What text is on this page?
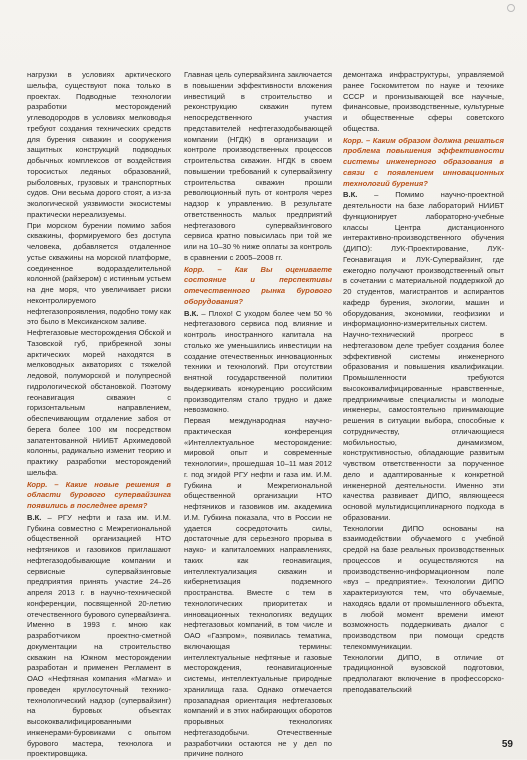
нагрузки в условиях арктического шельфа, существуют пока только в проектах. Подводные технологии разработки месторождений углеводородов в условиях мелководья требуют создания технических средств для бурения скважин и сооружения защитных конструкций подводных добычных комплексов от воздействия торосистых ледяных образований, рыболовных, грузовых и транспортных судов. Они весьма дорого стоят, а из-за экологической уязвимости экосистемы практически нереализуемы.

При морском бурении помимо забоя скважины, формируемого без доступа человека, добавляется отдаленное устье скважины на морской платформе, соединенное водоразделительной колонной (райзером) с истинным устьем на дне моря, что увеличивает риски неконтролируемого нефтегазопроявления, подобно тому как это было в Мексиканском заливе.

Нефтегазовые месторождения Обской и Тазовской губ, прибрежной зоны арктических морей находятся в мелководных акваториях с тяжелой ледовой, полуморской и полупресной гидрологической обстановкой. Поэтому геонавигация скважин с горизонтальным направлением, обеспечивающим отдаление забоя от берега более 100 км посредством запатентованной НИИБТ Архимедовой колонны, радикально изменит теорию и практику разработки месторождений шельфа.

Корр. – Какие новые решения в области бурового супервайзинга появились в последнее время?

В.К. – РГУ нефти и газа им. И.М. Губкина совместно с Межрегиональной общественной организацией НТО нефтяников и газовиков приглашают нефтегазодобывающие компании и сервисные супервайзинговые предприятия принять участие 24–26 апреля 2013 г. в научно-технической конференции, посвященной 20-летию отечественного бурового супервайзинга. Именно в 1993 г. мною как разработчиком проектно-сметной документации на строительство скважин на Южном месторождении разработан и применен Регламент в ОАО «Нефтяная компания «Магма» и проведен круглосуточный технико-технологический надзор (супервайзинг) на буровых объектах высококвалифицированными инженерами-буровиками с опытом бурового мастера, технолога и проектировщика.

Главная цель супервайзинга заключается в повышении эффективности вложения инвестиций в строительство и реконструкцию скважин путем непосредственного участия представителей нефтегазодобывающей компании (НГДК) в организации и контроле производственных процессов строительства скважин. НГДК в своем повышении требований к супервайзингу строительства скважин прошли революционный путь от контроля через надзор к управлению. В результате ответственность малых предприятий нефтегазового супервайзингового сервиса кратно повысилась при той же или на 10–30 % ниже оплаты за контроль в сравнении с 2005–2008 гг.

Корр. – Как Вы оцениваете состояние и перспективы отечественного рынка бурового оборудования?

В.К. – Плохо! С уходом более чем 50 % нефтегазового сервиса под влияние и контроль иностранного капитала на столько же уменьшились инвестиции на создание отечественных инновационных техники и технологий. При отсутствии внятной государственной политики выдерживать конкуренцию российским производителям стало трудно и даже невозможно.

Первая международная научно-практическая конференция «Интеллектуальное месторождение: мировой опыт и современные технологии», прошедшая 10–11 мая 2012 г. под эгидой РГУ нефти и газа им. И.М. Губкина и Межрегиональной общественной организации НТО нефтяников и газовиков им. академика И.М. Губкина показала, что в России не удается сосредоточить силы, достаточные для серьезного прорыва в науко- и капиталоемких направлениях, таких как геонавигация, интеллектуализация скважин и кибернетизация подземного пространства. Вместе с тем в технологических приоритетах и инновационных технологиях ведущих нефтегазовых компаний, в том числе и ОАО «Газпром», появилась тематика, включающая термины: интеллектуальные нефтяные и газовые месторождения, геонавигационные системы, интеллектуальные природные хранилища газа. Однако отмечается прозападная ориентация нефтегазовых компаний и в этих набирающих оборотов прорывных технологиях нефтегазодобычи. Отечественные разработчики остаются не у дел по причине полного

демонтажа инфраструктуры, управляемой ранее Госкомитетом по науке и технике СССР и пронизывающей все научные, финансовые, производственные, культурные и общественные сферы советского общества.

Корр. – Каким образом должна решаться проблема повышения эффективности системы инженерного образования в связи с появлением инновационных технологий бурения?

В.К. – Помимо научно-проектной деятельности на базе лабораторий НИИБТ функционирует лабораторно-учебные классы Центра дистанционного интерактивно-производственного обучения (ДИПО): ЛУК-Проектирование, ЛУК-Геонавигация и ЛУК-Супервайзинг, где ежегодно получают производственный опыт в сочетании с материальной поддержкой до 20 студентов, магистрантов и аспирантов кафедр бурения, экологии, машин и оборудования, экономики, геофизики и информационно-измерительных систем.

Научно-технический прогресс в нефтегазовом деле требует создания более эффективной системы инженерного образования и повышения квалификации. Промышленности требуются высококвалифицированные нравственные, предприимчивые специалисты и молодые инженеры, самостоятельно принимающие решения в ситуации выбора, способные к сотрудничеству, отличающиеся мобильностью, динамизмом, конструктивностью, обладающие развитым чувством ответственности за порученное дело и адаптированные к конкретной инженерной деятельности. Именно эти качества развивает ДИПО, являющееся основой мультидисциплинарного подхода в образовании.

Технологии ДИПО основаны на взаимодействии обучаемого с учебной средой на базе реальных производственных процессов и осуществляются на производственно-информационном поле «вуз – предприятие». Технологии ДИПО характеризуются тем, что обучаемые, находясь вдали от промышленного объекта, в любой момент времени имеют возможность поддерживать диалог с производством при помощи средств телекоммуникации.

Технологии ДИПО, в отличие от традиционной вузовской подготовки, предполагают включение в профессорско-преподавательский

59
